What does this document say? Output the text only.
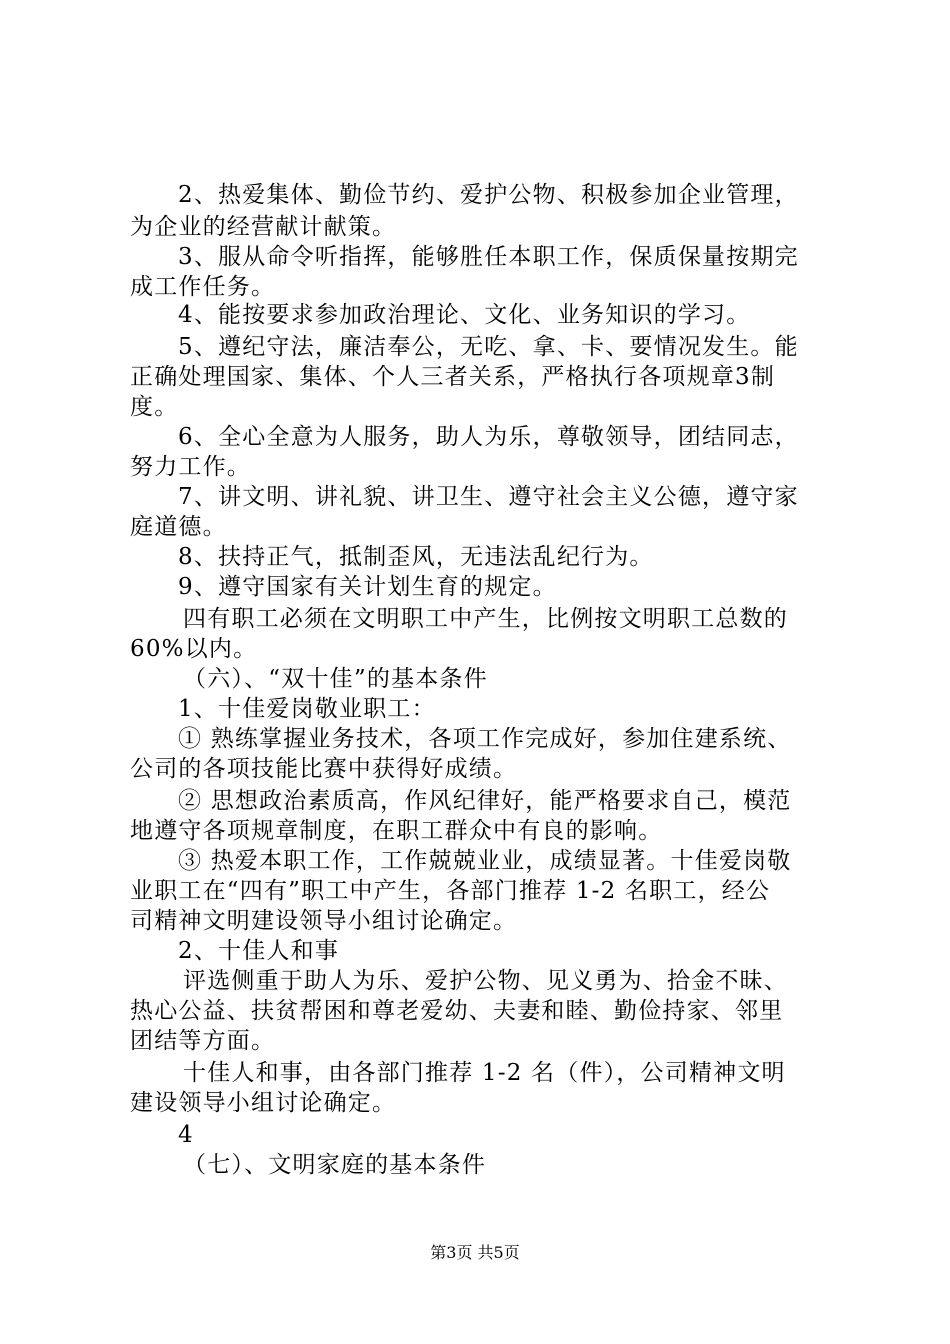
2、热爱集体、勤俭节约、爱护公物、积极参加企业管理，
为企业的经营献计献策。
3、服从命令听指挥，能够胜任本职工作，保质保量按期完
成工作任务。
4、能按要求参加政治理论、文化、业务知识的学习。
5、遵纪守法，廉洁奉公，无吃、拿、卡、要情况发生。能
正确处理国家、集体、个人三者关系，严格执行各项规章3制
度。
6、全心全意为人服务，助人为乐，尊敬领导，团结同志，
努力工作。
7、讲文明、讲礼貌、讲卫生、遵守社会主义公德，遵守家
庭道德。
8、扶持正气，抵制歪风，无违法乱纪行为。
9、遵守国家有关计划生育的规定。
四有职工必须在文明职工中产生，比例按文明职工总数的
60%以内。
（六）、“双十佳”的基本条件
1、十佳爱岗敬业职工：
① 熟练掌握业务技术，各项工作完成好，参加住建系统、
公司的各项技能比赛中获得好成绩。
② 思想政治素质高，作风纪律好，能严格要求自己，模范
地遵守各项规章制度，在职工群众中有良的影响。
③ 热爱本职工作，工作兢兢业业，成绩显著。十佳爱岗敬
业职工在“四有”职工中产生，各部门推荐 1-2 名职工，经公
司精神文明建设领导小组讨论确定。
2、十佳人和事
评选侧重于助人为乐、爱护公物、见义勇为、拾金不昧、
热心公益、扶贫帮困和尊老爱幼、夫妻和睦、勤俭持家、邻里
团结等方面。
十佳人和事，由各部门推荐 1-2 名（件），公司精神文明
建设领导小组讨论确定。
4
（七）、文明家庭的基本条件
第3页 共5页
